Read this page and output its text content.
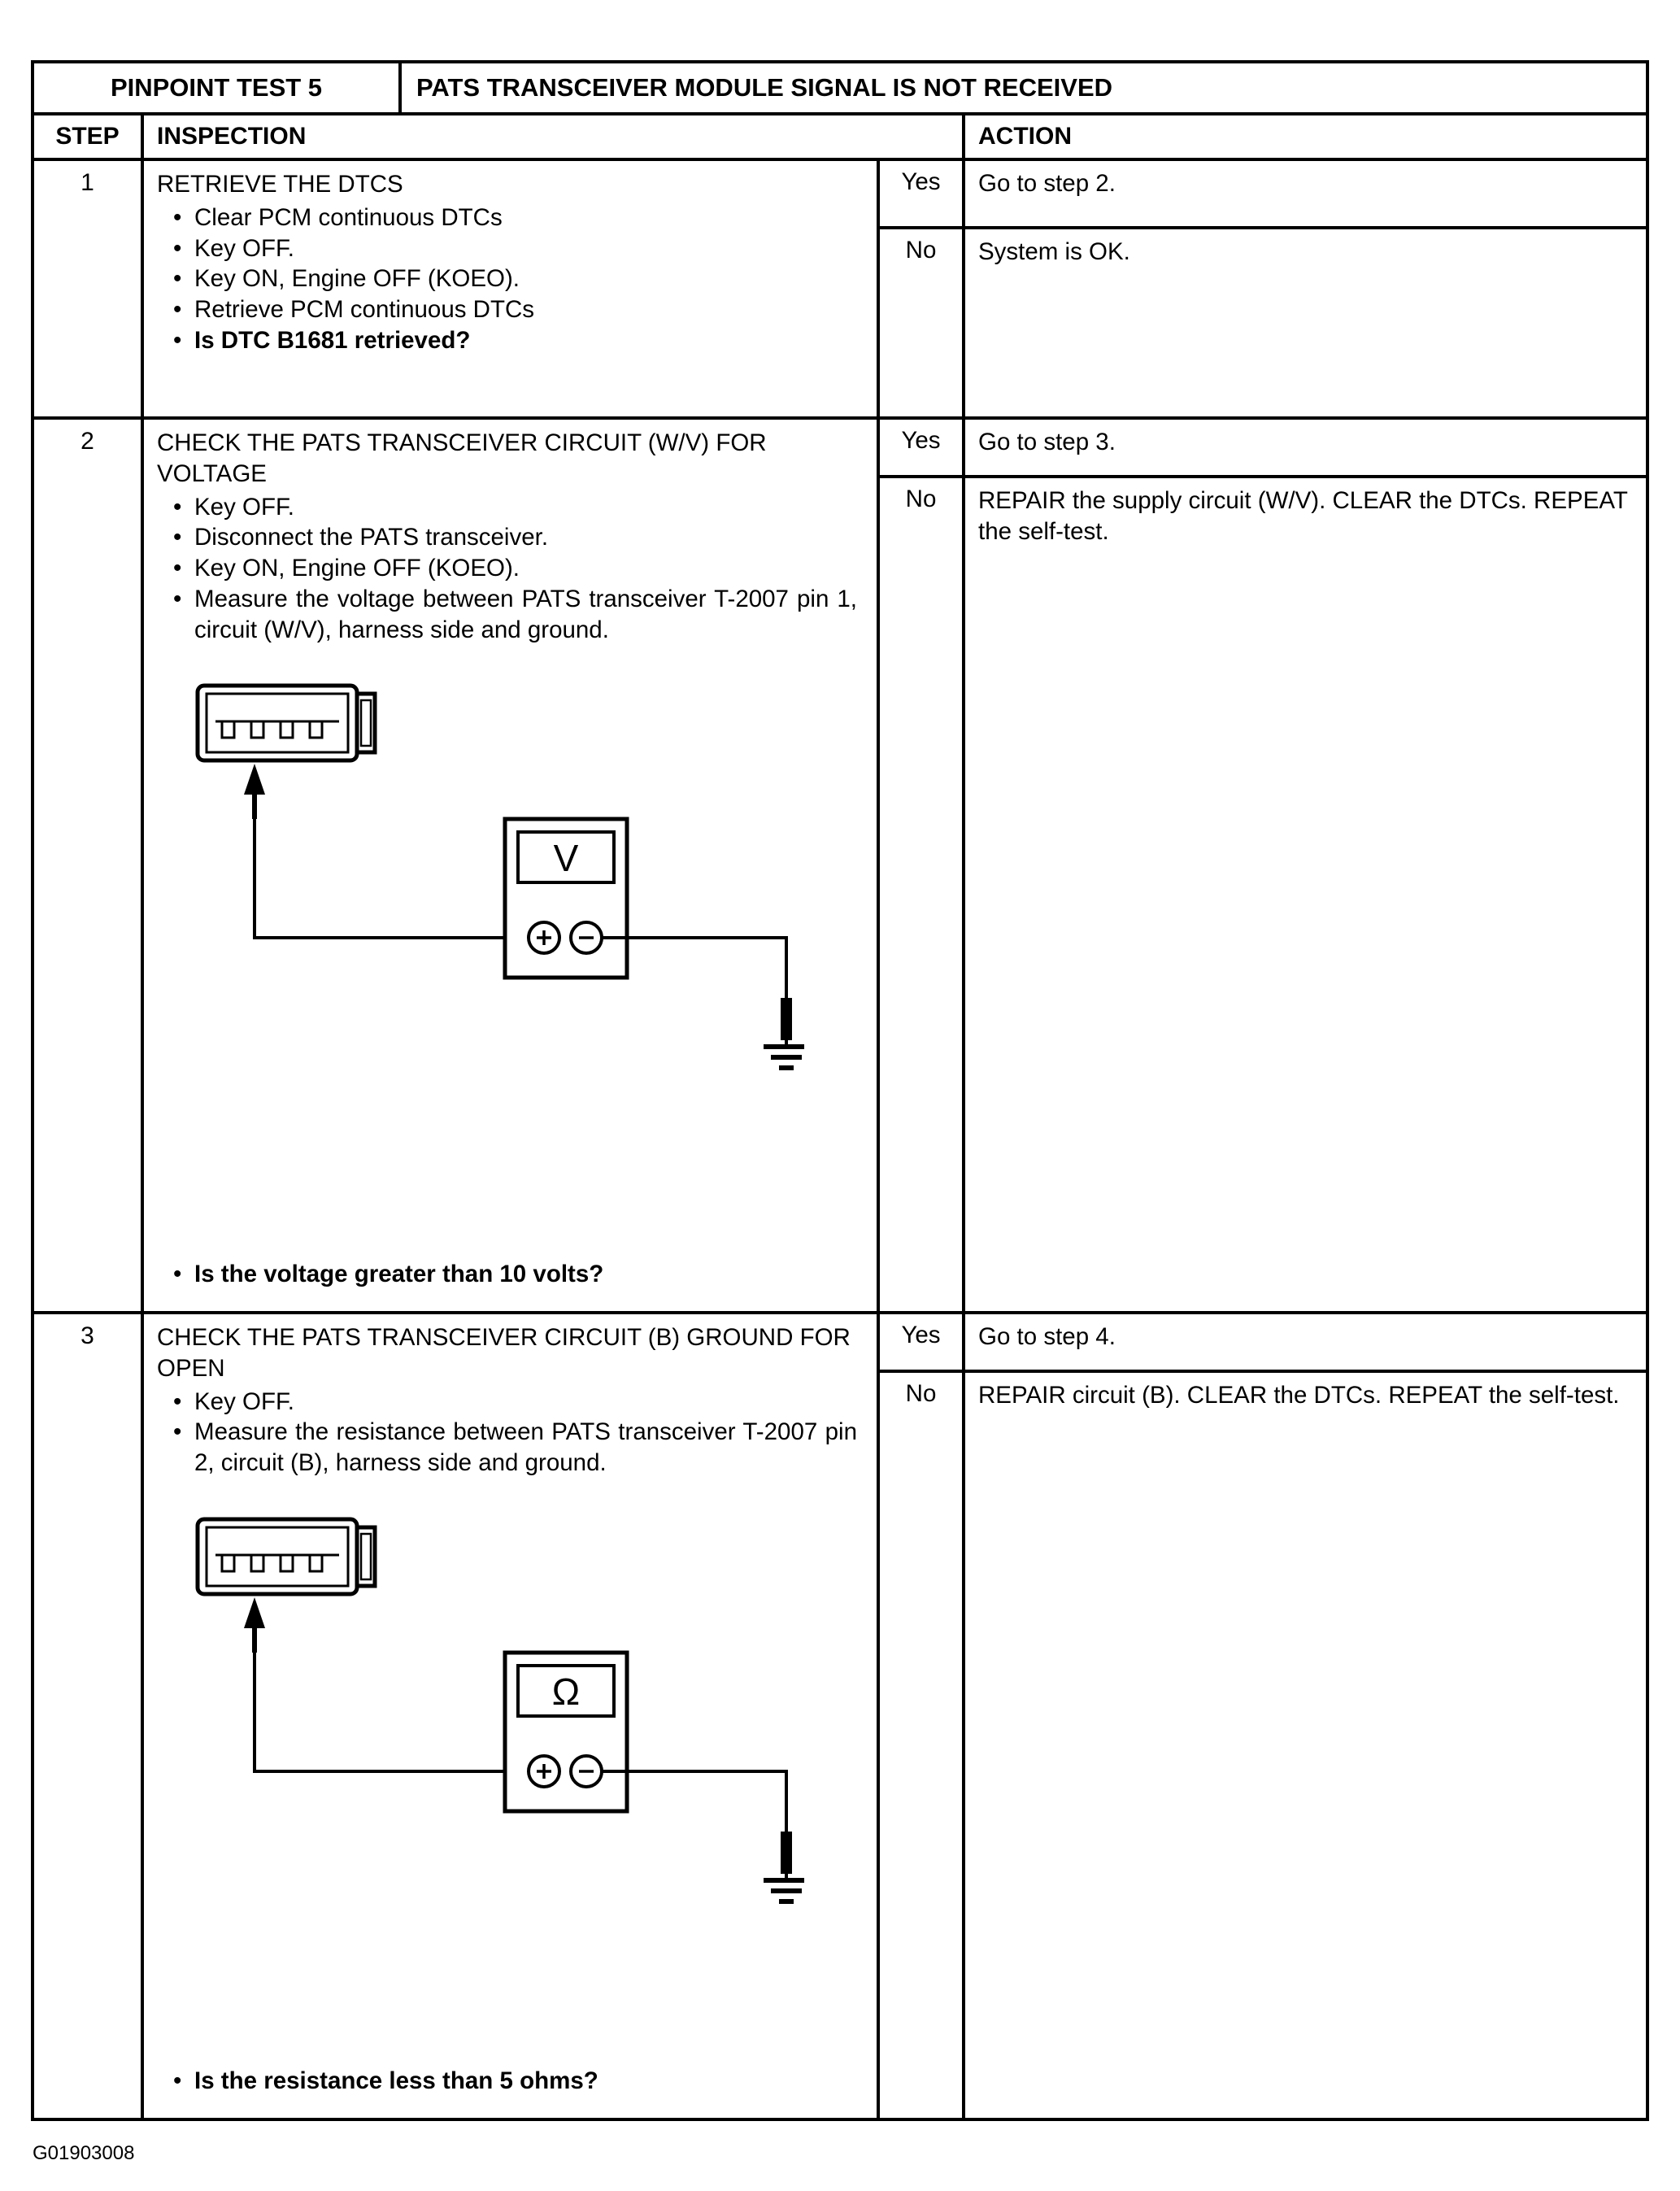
PINPOINT TEST 5	PATS TRANSCEIVER MODULE SIGNAL IS NOT RECEIVED
STEP	INSPECTION	ACTION
1	RETRIEVE THE DTCS
• Clear PCM continuous DTCs
• Key OFF.
• Key ON, Engine OFF (KOEO).
• Retrieve PCM continuous DTCs
• Is DTC B1681 retrieved?
Yes	Go to step 2.
No	System is OK.
2	CHECK THE PATS TRANSCEIVER CIRCUIT (W/V) FOR VOLTAGE
• Key OFF.
• Disconnect the PATS transceiver.
• Key ON, Engine OFF (KOEO).
• Measure the voltage between PATS transceiver T-2007 pin 1, circuit (W/V), harness side and ground.
V
• Is the voltage greater than 10 volts?
Yes	Go to step 3.
No	REPAIR the supply circuit (W/V). CLEAR the DTCs. REPEAT the self-test.
3	CHECK THE PATS TRANSCEIVER CIRCUIT (B) GROUND FOR OPEN
• Key OFF.
• Measure the resistance between PATS transceiver T-2007 pin 2, circuit (B), harness side and ground.
Ω
• Is the resistance less than 5 ohms?
Yes	Go to step 4.
No	REPAIR circuit (B). CLEAR the DTCs. REPEAT the self-test.
G01903008
